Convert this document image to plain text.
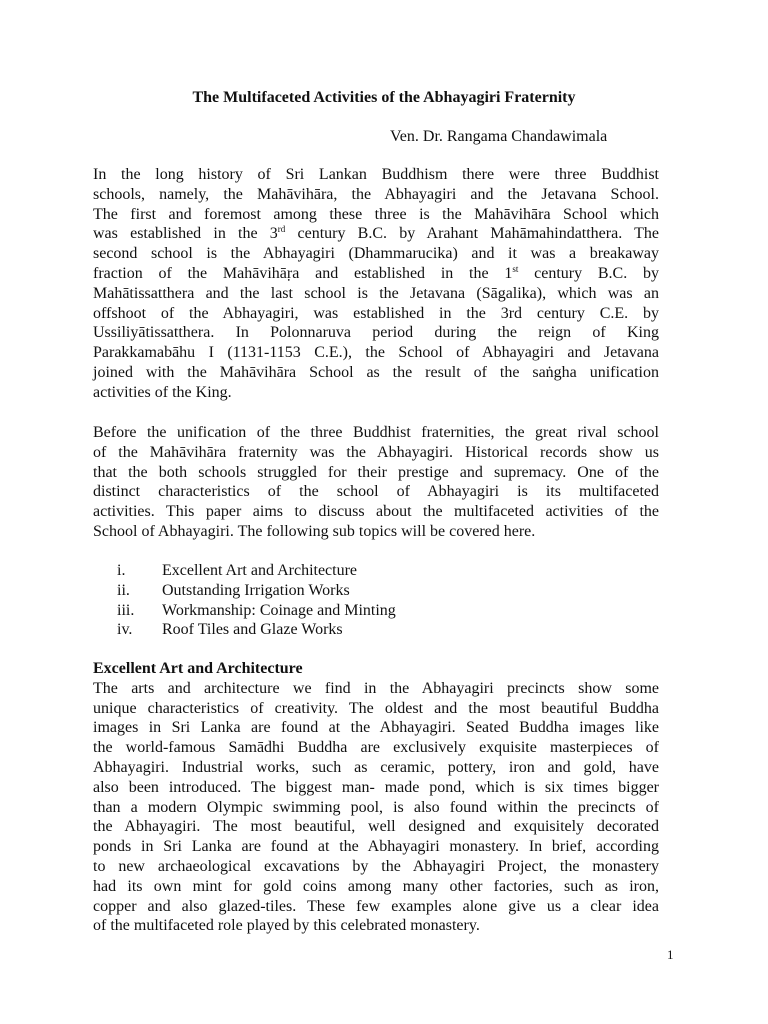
The Multifaceted Activities of the Abhayagiri Fraternity
Ven. Dr. Rangama Chandawimala
In the long history of Sri Lankan Buddhism there were three Buddhist
schools, namely, the Mahāvihāra, the Abhayagiri and the Jetavana School.
The first and foremost among these three is the Mahāvihāra School which
was established in the 3rd century B.C. by Arahant Mahāmahindatthera. The
second school is the Abhayagiri (Dhammarucika) and it was a breakaway
fraction of the Mahāvihāṛa and established in the 1st century B.C. by
Mahātissatthera and the last school is the Jetavana (Sāgalika), which was an
offshoot of the Abhayagiri, was established in the 3rd century C.E. by
Ussiliyātissatthera. In Polonnaruva period during the reign of King
Parakkamabāhu I (1131-1153 C.E.), the School of Abhayagiri and Jetavana
joined with the Mahāvihāra School as the result of the saṅgha unification
activities of the King.
Before the unification of the three Buddhist fraternities, the great rival school
of the Mahāvihāra fraternity was the Abhayagiri. Historical records show us
that the both schools struggled for their prestige and supremacy. One of the
distinct characteristics of the school of Abhayagiri is its multifaceted
activities. This paper aims to discuss about the multifaceted activities of the
School of Abhayagiri. The following sub topics will be covered here.
i. Excellent Art and Architecture
ii. Outstanding Irrigation Works
iii. Workmanship: Coinage and Minting
iv. Roof Tiles and Glaze Works
Excellent Art and Architecture
The arts and architecture we find in the Abhayagiri precincts show some
unique characteristics of creativity. The oldest and the most beautiful Buddha
images in Sri Lanka are found at the Abhayagiri. Seated Buddha images like
the world-famous Samādhi Buddha are exclusively exquisite masterpieces of
Abhayagiri. Industrial works, such as ceramic, pottery, iron and gold, have
also been introduced. The biggest man- made pond, which is six times bigger
than a modern Olympic swimming pool, is also found within the precincts of
the Abhayagiri. The most beautiful, well designed and exquisitely decorated
ponds in Sri Lanka are found at the Abhayagiri monastery. In brief, according
to new archaeological excavations by the Abhayagiri Project, the monastery
had its own mint for gold coins among many other factories, such as iron,
copper and also glazed-tiles. These few examples alone give us a clear idea
of the multifaceted role played by this celebrated monastery.
1
